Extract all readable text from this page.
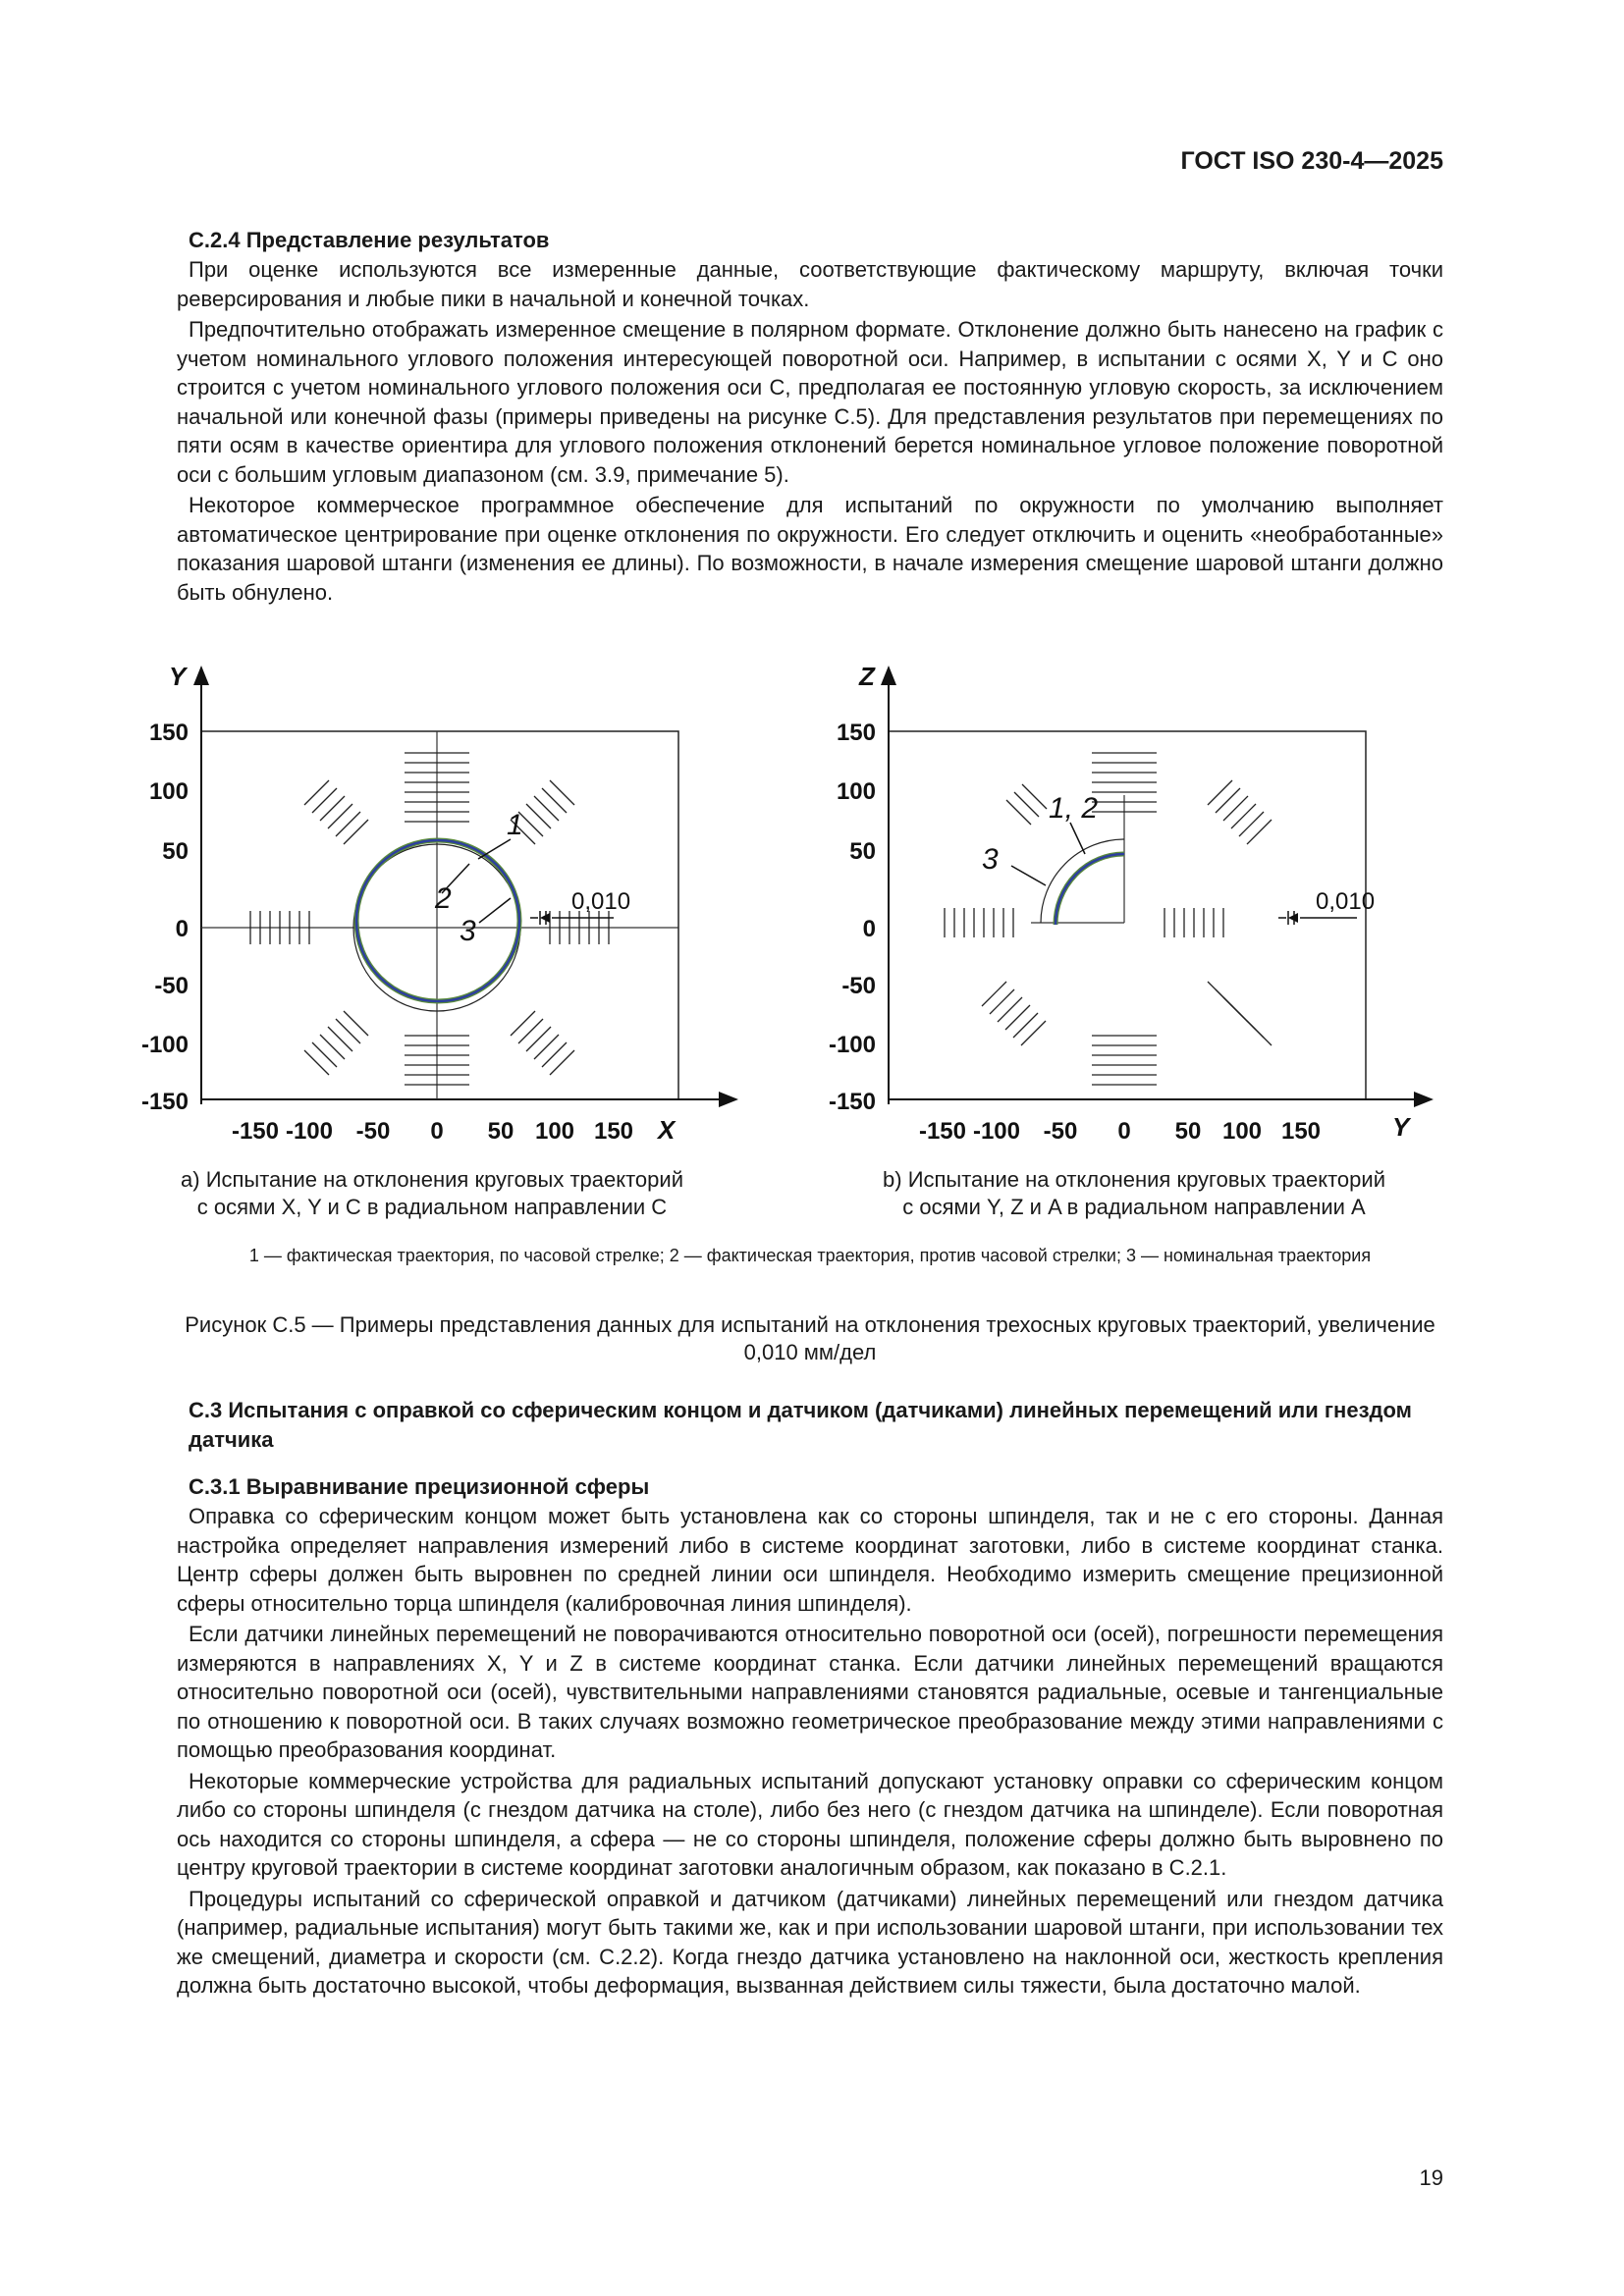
ГОСТ ISO 230-4—2025
C.2.4 Представление результатов

При оценке используются все измеренные данные, соответствующие фактическому маршруту, включая точки реверсирования и любые пики в начальной и конечной точках.

Предпочтительно отображать измеренное смещение в полярном формате. Отклонение должно быть нанесено на график с учетом номинального углового положения интересующей поворотной оси. Например, в испытании с осями X, Y и C оно строится с учетом номинального углового положения оси C, предполагая ее постоянную угловую скорость, за исключением начальной или конечной фазы (примеры приведены на рисунке C.5). Для представления результатов при перемещениях по пяти осям в качестве ориентира для углового положения отклонений берется номинальное угловое положение поворотной оси с большим угловым диапазоном (см. 3.9, примечание 5).

Некоторое коммерческое программное обеспечение для испытаний по окружности по умолчанию выполняет автоматическое центрирование при оценке отклонения по окружности. Его следует отключить и оценить «необработанные» показания шаровой штанги (изменения ее длины). По возможности, в начале измерения смещение шаровой штанги должно быть обнулено.

1
2
3
0,010
Y
X
150
100
50
0
-50
-100
-150
-150 -100 -50 0 50 100 150
1, 2
3
0,010
Z
Y
150
100
50
0
-50
-100
-150
-150 -100 -50 0 50 100 150
a) Испытание на отклонения круговых траекторий
с осями X, Y и C в радиальном направлении C
b) Испытание на отклонения круговых траекторий
с осями Y, Z и A в радиальном направлении A
1 — фактическая траектория, по часовой стрелке; 2 — фактическая траектория, против часовой стрелки; 3 — номинальная траектория
Рисунок C.5 — Примеры представления данных для испытаний на отклонения трехосных круговых траекторий, увеличение 0,010 мм/дел
C.3 Испытания с оправкой со сферическим концом и датчиком (датчиками) линейных перемещений или гнездом датчика
C.3.1 Выравнивание прецизионной сферы

Оправка со сферическим концом может быть установлена как со стороны шпинделя, так и не с его стороны. Данная настройка определяет направления измерений либо в системе координат заготовки, либо в системе координат станка. Центр сферы должен быть выровнен по средней линии оси шпинделя. Необходимо измерить смещение прецизионной сферы относительно торца шпинделя (калибровочная линия шпинделя).

Если датчики линейных перемещений не поворачиваются относительно поворотной оси (осей), погрешности перемещения измеряются в направлениях X, Y и Z в системе координат станка. Если датчики линейных перемещений вращаются относительно поворотной оси (осей), чувствительными направлениями становятся радиальные, осевые и тангенциальные по отношению к поворотной оси. В таких случаях возможно геометрическое преобразование между этими направлениями с помощью преобразования координат.

Некоторые коммерческие устройства для радиальных испытаний допускают установку оправки со сферическим концом либо со стороны шпинделя (с гнездом датчика на столе), либо без него (с гнездом датчика на шпинделе). Если поворотная ось находится со стороны шпинделя, а сфера — не со стороны шпинделя, положение сферы должно быть выровнено по центру круговой траектории в системе координат заготовки аналогичным образом, как показано в C.2.1.

Процедуры испытаний со сферической оправкой и датчиком (датчиками) линейных перемещений или гнездом датчика (например, радиальные испытания) могут быть такими же, как и при использовании шаровой штанги, при использовании тех же смещений, диаметра и скорости (см. C.2.2). Когда гнездо датчика установлено на наклонной оси, жесткость крепления должна быть достаточно высокой, чтобы деформация, вызванная действием силы тяжести, была достаточно малой.

19
